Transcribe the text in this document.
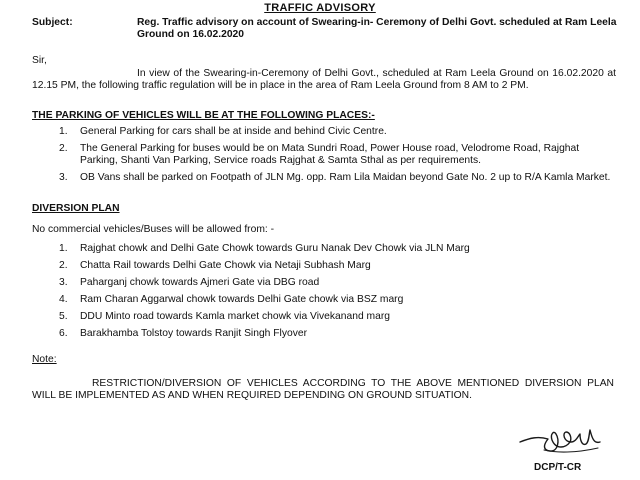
TRAFFIC ADVISORY
Subject:	Reg. Traffic advisory on account of Swearing-in- Ceremony of Delhi Govt. scheduled at Ram Leela Ground on 16.02.2020
Sir,
In view of the Swearing-in-Ceremony of Delhi Govt., scheduled at Ram Leela Ground on 16.02.2020 at 12.15 PM, the following traffic regulation will be in place in the area of Ram Leela Ground from 8 AM to 2 PM.
THE PARKING OF VEHICLES WILL BE AT THE FOLLOWING PLACES:-
1. General Parking for cars shall be at inside and behind Civic Centre.
2. The General Parking for buses would be on Mata Sundri Road, Power House road, Velodrome Road, Rajghat Parking, Shanti Van Parking, Service roads Rajghat & Samta Sthal as per requirements.
3. OB Vans shall be parked on Footpath of JLN Mg. opp. Ram Lila Maidan beyond Gate No. 2 up to R/A Kamla Market.
DIVERSION PLAN
No commercial vehicles/Buses will be allowed from: -
1. Rajghat chowk and Delhi Gate Chowk towards Guru Nanak Dev Chowk via JLN Marg
2. Chatta Rail towards Delhi Gate Chowk via Netaji Subhash Marg
3. Paharganj chowk towards Ajmeri Gate via DBG road
4. Ram Charan Aggarwal chowk towards Delhi Gate chowk via BSZ marg
5. DDU Minto road towards Kamla market chowk via Vivekanand marg
6. Barakhamba Tolstoy towards Ranjit Singh Flyover
Note:
RESTRICTION/DIVERSION OF VEHICLES ACCORDING TO THE ABOVE MENTIONED DIVERSION PLAN WILL BE IMPLEMENTED AS AND WHEN REQUIRED DEPENDING ON GROUND SITUATION.
DCP/T-CR
